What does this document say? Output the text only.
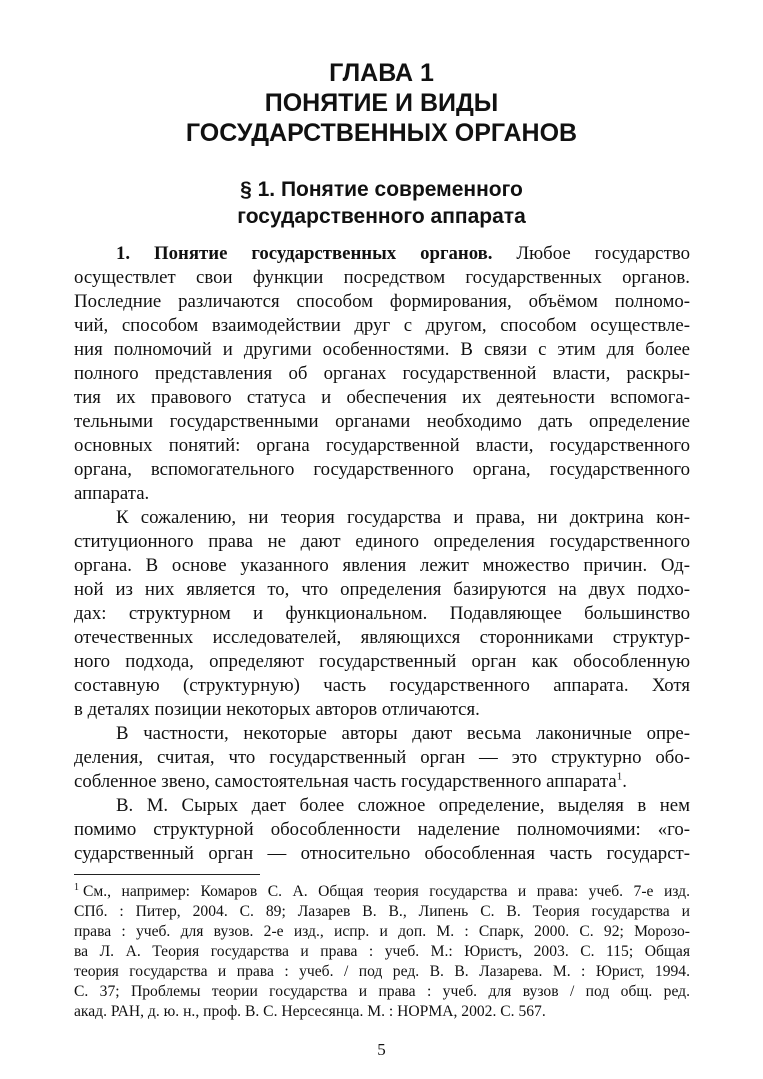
ГЛАВА 1
ПОНЯТИЕ И ВИДЫ
ГОСУДАРСТВЕННЫХ ОРГАНОВ
§ 1. Понятие современного
государственного аппарата
1. Понятие государственных органов. Любое государство
осуществлет свои функции посредством государственных органов.
Последние различаются способом формирования, объёмом полномо-
чий, способом взаимодействии друг с другом, способом осуществле-
ния полномочий и другими особенностями. В связи с этим для более
полного представления об органах государственной власти, раскры-
тия их правового статуса и обеспечения их деятеьности вспомога-
тельными государственными органами необходимо дать определение
основных понятий: органа государственной власти, государственного
органа, вспомогательного государственного органа, государственного
аппарата.
К сожалению, ни теория государства и права, ни доктрина кон-
ституционного права не дают единого определения государственного
органа. В основе указанного явления лежит множество причин. Од-
ной из них является то, что определения базируются на двух подхо-
дах: структурном и функциональном. Подавляющее большинство
отечественных исследователей, являющихся сторонниками структур-
ного подхода, определяют государственный орган как обособленную
составную (структурную) часть государственного аппарата. Хотя
в деталях позиции некоторых авторов отличаются.
В частности, некоторые авторы дают весьма лаконичные опре-
деления, считая, что государственный орган — это структурно обо-
собленное звено, самостоятельная часть государственного аппарата$^1$.
В. М. Сырых дает более сложное определение, выделяя в нем
помимо структурной обособленности наделение полномочиями: «го-
сударственный орган — относительно обособленная часть государст-
$^1$ См., например: Комаров С. А. Общая теория государства и права: учеб. 7-е изд.
СПб. : Питер, 2004. С. 89; Лазарев В. В., Липень С. В. Теория государства и
права : учеб. для вузов. 2-е изд., испр. и доп. М. : Спарк, 2000. С. 92; Морозо-
ва Л. А. Теория государства и права : учеб. М.: Юристъ, 2003. С. 115; Общая
теория государства и права : учеб. / под ред. В. В. Лазарева. М. : Юрист, 1994.
С. 37; Проблемы теории государства и права : учеб. для вузов / под общ. ред.
акад. РАН, д. ю. н., проф. В. С. Нерсесянца. М. : НОРМА, 2002. С. 567.
5
